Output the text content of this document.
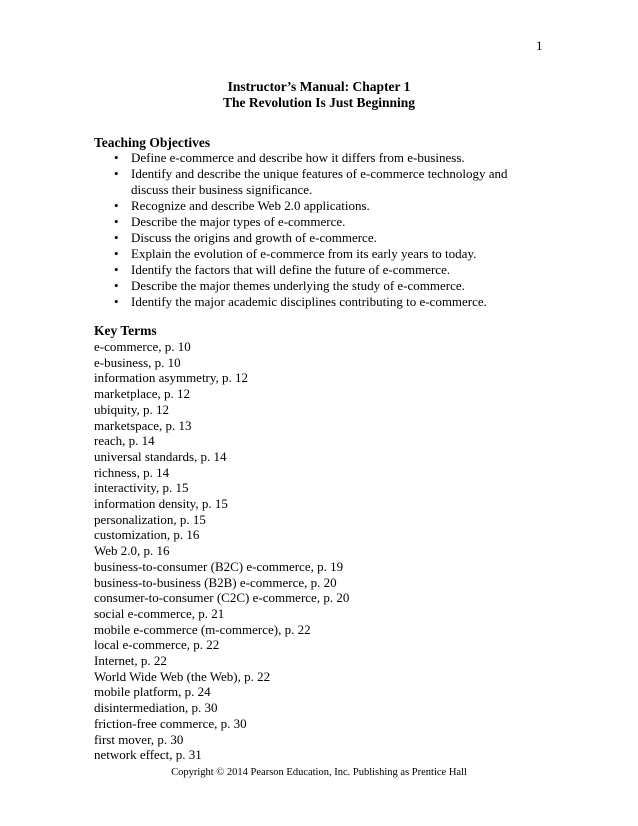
1
Instructor’s Manual: Chapter 1
The Revolution Is Just Beginning
Teaching Objectives
• Define e-commerce and describe how it differs from e-business.
• Identify and describe the unique features of e-commerce technology and discuss their business significance.
• Recognize and describe Web 2.0 applications.
• Describe the major types of e-commerce.
• Discuss the origins and growth of e-commerce.
• Explain the evolution of e-commerce from its early years to today.
• Identify the factors that will define the future of e-commerce.
• Describe the major themes underlying the study of e-commerce.
• Identify the major academic disciplines contributing to e-commerce.
Key Terms
e-commerce, p. 10
e-business, p. 10
information asymmetry, p. 12
marketplace, p. 12
ubiquity, p. 12
marketspace, p. 13
reach, p. 14
universal standards, p. 14
richness, p. 14
interactivity, p. 15
information density, p. 15
personalization, p. 15
customization, p. 16
Web 2.0, p. 16
business-to-consumer (B2C) e-commerce, p. 19
business-to-business (B2B) e-commerce, p. 20
consumer-to-consumer (C2C) e-commerce, p. 20
social e-commerce, p. 21
mobile e-commerce (m-commerce), p. 22
local e-commerce, p. 22
Internet, p. 22
World Wide Web (the Web), p. 22
mobile platform, p. 24
disintermediation, p. 30
friction-free commerce, p. 30
first mover, p. 30
network effect, p. 31
Copyright © 2014 Pearson Education, Inc. Publishing as Prentice Hall
